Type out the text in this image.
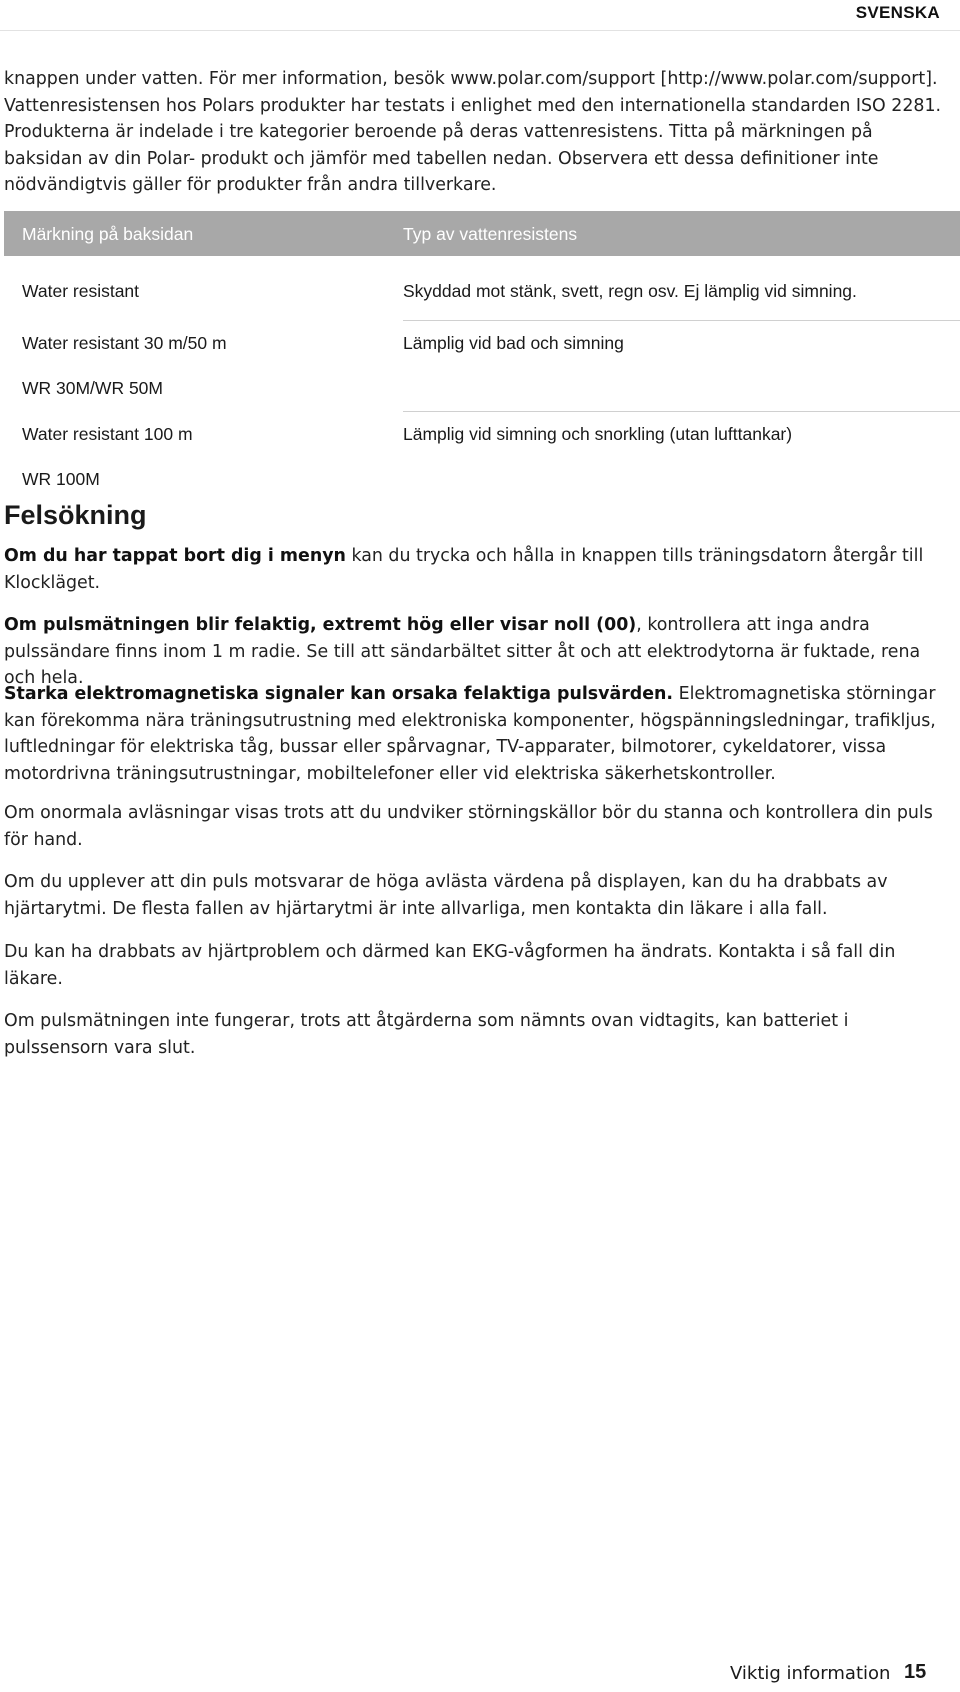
SVENSKA

knappen under vatten. För mer information, besök www.polar.com/support [http://www.polar.com/support]. Vattenresistensen hos Polars produkter har testats i enlighet med den internationella standarden ISO 2281. Produkterna är indelade i tre kategorier beroende på deras vattenresistens. Titta på märkningen på baksidan av din Polar- produkt och jämför med tabellen nedan. Observera ett dessa definitioner inte nödvändigtvis gäller för produkter från andra tillverkare.

Märkning på baksidan	Typ av vattenresistens
Water resistant	Skyddad mot stänk, svett, regn osv. Ej lämplig vid simning.
Water resistant 30 m/50 m	Lämplig vid bad och simning
WR 30M/WR 50M
Water resistant 100 m	Lämplig vid simning och snorkling (utan lufttankar)
WR 100M
Felsökning

Om du har tappat bort dig i menyn kan du trycka och hålla in knappen tills träningsdatorn återgår till Klockläget.

Om pulsmätningen blir felaktig, extremt hög eller visar noll (00), kontrollera att inga andra pulssändare finns inom 1 m radie. Se till att sändarbältet sitter åt och att elektrodytorna är fuktade, rena och hela.

Starka elektromagnetiska signaler kan orsaka felaktiga pulsvärden. Elektromagnetiska störningar kan förekomma nära träningsutrustning med elektroniska komponenter, högspänningsledningar, trafikljus, luftledningar för elektriska tåg, bussar eller spårvagnar, TV-apparater, bilmotorer, cykeldatorer, vissa motordrivna träningsutrustningar, mobiltelefoner eller vid elektriska säkerhetskontroller.

Om onormala avläsningar visas trots att du undviker störningskällor bör du stanna och kontrollera din puls för hand.

Om du upplever att din puls motsvarar de höga avlästa värdena på displayen, kan du ha drabbats av hjärtarytmi. De flesta fallen av hjärtarytmi är inte allvarliga, men kontakta din läkare i alla fall.

Du kan ha drabbats av hjärtproblem och därmed kan EKG-vågformen ha ändrats. Kontakta i så fall din läkare.

Om pulsmätningen inte fungerar, trots att åtgärderna som nämnts ovan vidtagits, kan batteriet i pulssensorn vara slut.

Viktig information 15
